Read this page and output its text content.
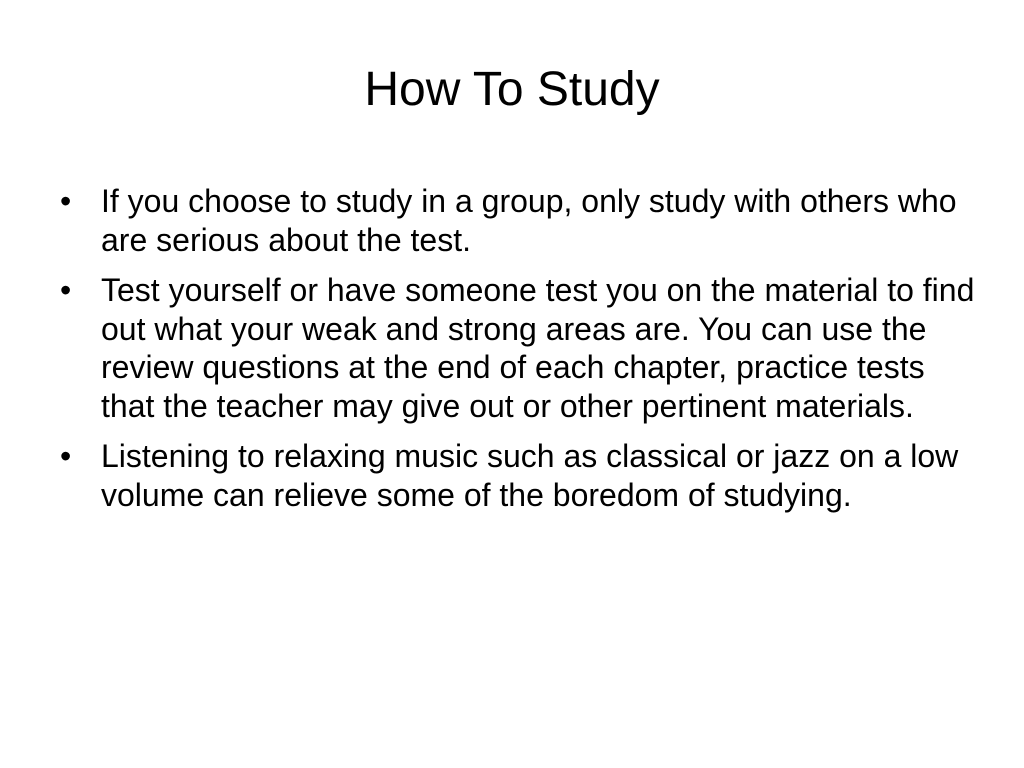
How To Study
• If you choose to study in a group, only study with others who are serious about the test.
• Test yourself or have someone test you on the material to find out what your weak and strong areas are. You can use the review questions at the end of each chapter, practice tests that the teacher may give out or other pertinent materials.
• Listening to relaxing music such as classical or jazz on a low volume can relieve some of the boredom of studying.
